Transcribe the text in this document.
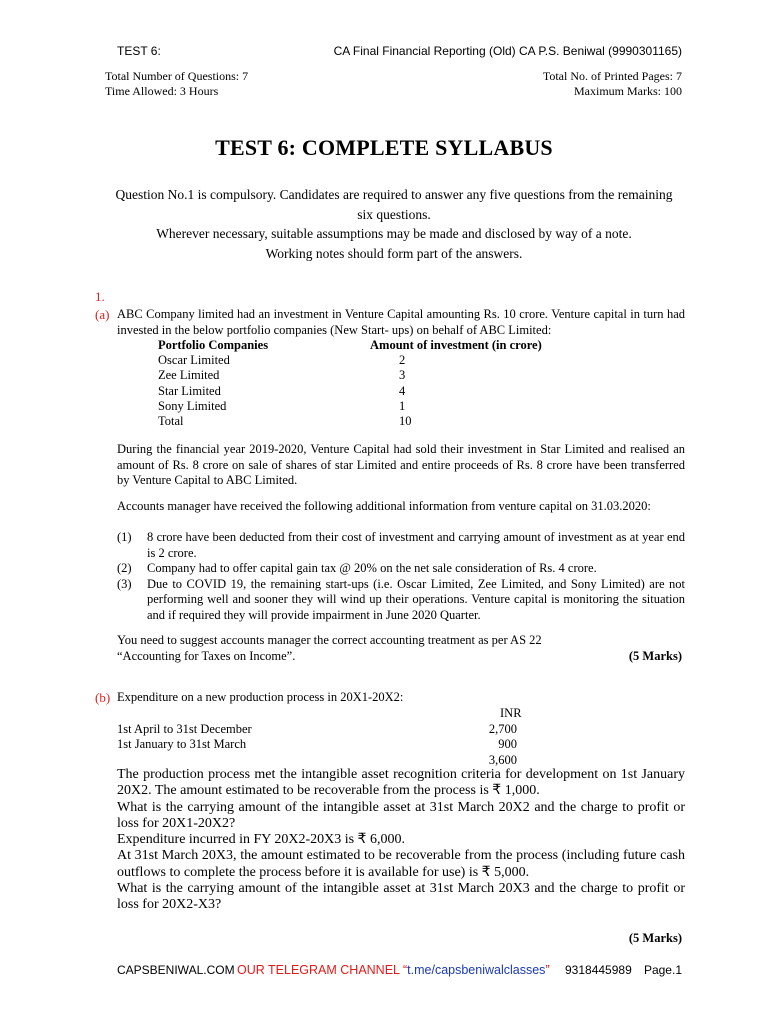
TEST 6:	CA Final Financial Reporting (Old) CA P.S. Beniwal (9990301165)
Total Number of Questions: 7
Time Allowed: 3 Hours
Total No. of Printed Pages: 7
Maximum Marks: 100
TEST 6: COMPLETE SYLLABUS
Question No.1 is compulsory. Candidates are required to answer any five questions from the remaining six questions.
Wherever necessary, suitable assumptions may be made and disclosed by way of a note.
Working notes should form part of the answers.
1.
(a) ABC Company limited had an investment in Venture Capital amounting Rs. 10 crore. Venture capital in turn had invested in the below portfolio companies (New Start- ups) on behalf of ABC Limited:
Portfolio Companies	Amount of investment (in crore)
Oscar Limited	2
Zee Limited	3
Star Limited	4
Sony Limited	1
Total	10
During the financial year 2019-2020, Venture Capital had sold their investment in Star Limited and realised an amount of Rs. 8 crore on sale of shares of star Limited and entire proceeds of Rs. 8 crore have been transferred by Venture Capital to ABC Limited.
Accounts manager have received the following additional information from venture capital on 31.03.2020:
(1)	8 crore have been deducted from their cost of investment and carrying amount of investment as at year end is 2 crore.
(2)	Company had to offer capital gain tax @ 20% on the net sale consideration of Rs. 4 crore.
(3)	Due to COVID 19, the remaining start-ups (i.e. Oscar Limited, Zee Limited, and Sony Limited) are not performing well and sooner they will wind up their operations. Venture capital is monitoring the situation and if required they will provide impairment in June 2020 Quarter.
You need to suggest accounts manager the correct accounting treatment as per AS 22 “Accounting for Taxes on Income”.	(5 Marks)
(b) Expenditure on a new production process in 20X1-20X2:
INR
1st April to 31st December	2,700
1st January to 31st March	900
3,600
The production process met the intangible asset recognition criteria for development on 1st January 20X2. The amount estimated to be recoverable from the process is ₹ 1,000.
What is the carrying amount of the intangible asset at 31st March 20X2 and the charge to profit or loss for 20X1-20X2?
Expenditure incurred in FY 20X2-20X3 is ₹ 6,000.
At 31st March 20X3, the amount estimated to be recoverable from the process (including future cash outflows to complete the process before it is available for use) is ₹ 5,000.
What is the carrying amount of the intangible asset at 31st March 20X3 and the charge to profit or loss for 20X2-X3?
(5 Marks)
CAPSBENIWAL.COM OUR TELEGRAM CHANNEL “t.me/capsbeniwalclasses” 9318445989 Page.1
